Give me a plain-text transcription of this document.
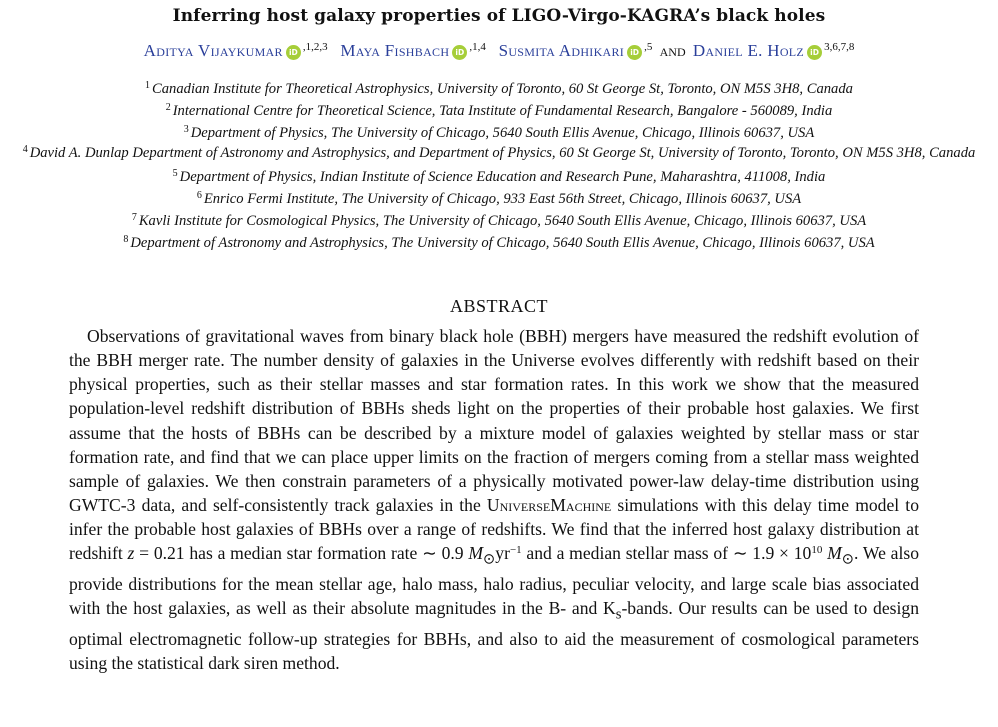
Inferring host galaxy properties of LIGO-Virgo-KAGRA’s black holes
Aditya Vijaykumar iD $^{,1,2,3}$ Maya Fishbach iD $^{,1,4}$ Susmita Adhikari iD $^{,5}$ and Daniel E. Holz iD $^{3,6,7,8}$
$^1$ Canadian Institute for Theoretical Astrophysics, University of Toronto, 60 St George St, Toronto, ON M5S 3H8, Canada
$^2$ International Centre for Theoretical Science, Tata Institute of Fundamental Research, Bangalore - 560089, India
$^3$ Department of Physics, The University of Chicago, 5640 South Ellis Avenue, Chicago, Illinois 60637, USA
$^4$ David A. Dunlap Department of Astronomy and Astrophysics, and Department of Physics, 60 St George St, University of Toronto, Toronto, ON M5S 3H8, Canada
$^5$ Department of Physics, Indian Institute of Science Education and Research Pune, Maharashtra, 411008, India
$^6$ Enrico Fermi Institute, The University of Chicago, 933 East 56th Street, Chicago, Illinois 60637, USA
$^7$ Kavli Institute for Cosmological Physics, The University of Chicago, 5640 South Ellis Avenue, Chicago, Illinois 60637, USA
$^8$ Department of Astronomy and Astrophysics, The University of Chicago, 5640 South Ellis Avenue, Chicago, Illinois 60637, USA
ABSTRACT
Observations of gravitational waves from binary black hole (BBH) mergers have measured the redshift evolution of the BBH merger rate. The number density of galaxies in the Universe evolves differently with redshift based on their physical properties, such as their stellar masses and star formation rates. In this work we show that the measured population-level redshift distribution of BBHs sheds light on the properties of their probable host galaxies. We first assume that the hosts of BBHs can be described by a mixture model of galaxies weighted by stellar mass or star formation rate, and find that we can place upper limits on the fraction of mergers coming from a stellar mass weighted sample of galaxies. We then constrain parameters of a physically motivated power-law delay-time distribution using GWTC-3 data, and self-consistently track galaxies in the UniverseMachine simulations with this delay time model to infer the probable host galaxies of BBHs over a range of redshifts. We find that the inferred host galaxy distribution at redshift z = 0.21 has a median star formation rate ∼ 0.9 $M_⊙yr^{-1}$ and a median stellar mass of ∼ $1.9 \times 10^{10}$ $M_⊙$. We also provide distributions for the mean stellar age, halo mass, halo radius, peculiar velocity, and large scale bias associated with the host galaxies, as well as their absolute magnitudes in the B- and $K_s$-bands. Our results can be used to design optimal electromagnetic follow-up strategies for BBHs, and also to aid the measurement of cosmological parameters using the statistical dark siren method.
